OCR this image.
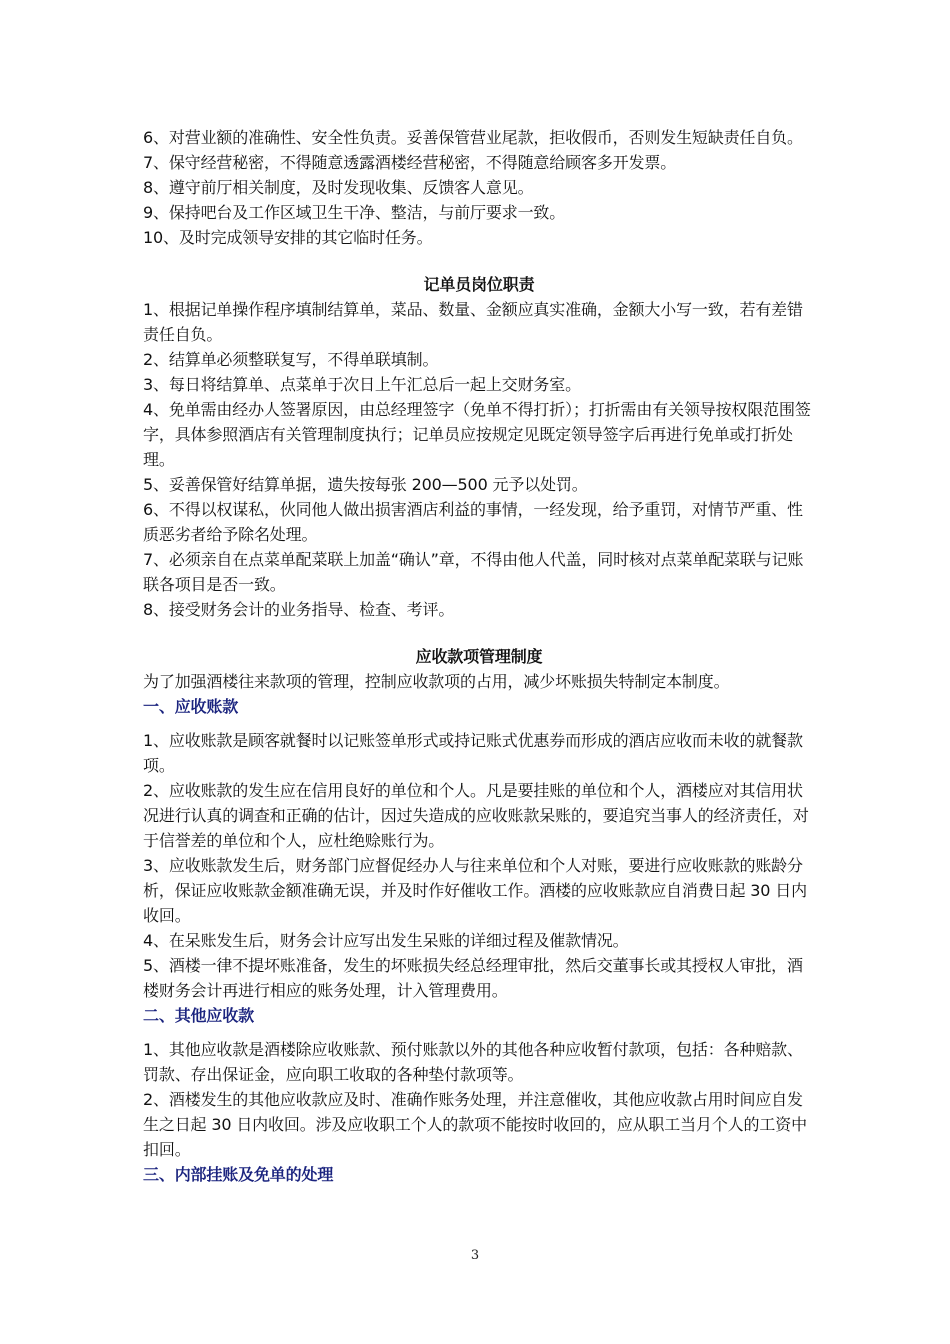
6、对营业额的准确性、安全性负责。妥善保管营业尾款，拒收假币，否则发生短缺责任自负。

7、保守经营秘密，不得随意透露酒楼经营秘密，不得随意给顾客多开发票。

8、遵守前厅相关制度，及时发现收集、反馈客人意见。

9、保持吧台及工作区域卫生干净、整洁，与前厅要求一致。

10、及时完成领导安排的其它临时任务。

记单员岗位职责

1、根据记单操作程序填制结算单，菜品、数量、金额应真实准确，金额大小写一致，若有差错责任自负。

2、结算单必须整联复写，不得单联填制。

3、每日将结算单、点菜单于次日上午汇总后一起上交财务室。

4、免单需由经办人签署原因，由总经理签字（免单不得打折）；打折需由有关领导按权限范围签字，具体参照酒店有关管理制度执行；记单员应按规定见既定领导签字后再进行免单或打折处理。

5、妥善保管好结算单据，遗失按每张 200—500 元予以处罚。

6、不得以权谋私，伙同他人做出损害酒店利益的事情，一经发现，给予重罚，对情节严重、性质恶劣者给予除名处理。

7、必须亲自在点菜单配菜联上加盖“确认”章，不得由他人代盖，同时核对点菜单配菜联与记账联各项目是否一致。

8、接受财务会计的业务指导、检查、考评。

应收款项管理制度

为了加强酒楼往来款项的管理，控制应收款项的占用，减少坏账损失特制定本制度。

一、应收账款

1、应收账款是顾客就餐时以记账签单形式或持记账式优惠券而形成的酒店应收而未收的就餐款项。

2、应收账款的发生应在信用良好的单位和个人。凡是要挂账的单位和个人，酒楼应对其信用状况进行认真的调查和正确的估计，因过失造成的应收账款呆账的，要追究当事人的经济责任，对于信誉差的单位和个人，应杜绝赊账行为。

3、应收账款发生后，财务部门应督促经办人与往来单位和个人对账，要进行应收账款的账龄分析，保证应收账款金额准确无误，并及时作好催收工作。酒楼的应收账款应自消费日起 30 日内收回。

4、在呆账发生后，财务会计应写出发生呆账的详细过程及催款情况。

5、酒楼一律不提坏账准备，发生的坏账损失经总经理审批，然后交董事长或其授权人审批，酒楼财务会计再进行相应的账务处理，计入管理费用。

二、其他应收款

1、其他应收款是酒楼除应收账款、预付账款以外的其他各种应收暂付款项，包括：各种赔款、罚款、存出保证金，应向职工收取的各种垫付款项等。

2、酒楼发生的其他应收款应及时、准确作账务处理，并注意催收，其他应收款占用时间应自发生之日起 30 日内收回。涉及应收职工个人的款项不能按时收回的，应从职工当月个人的工资中扣回。

三、内部挂账及免单的处理

3
